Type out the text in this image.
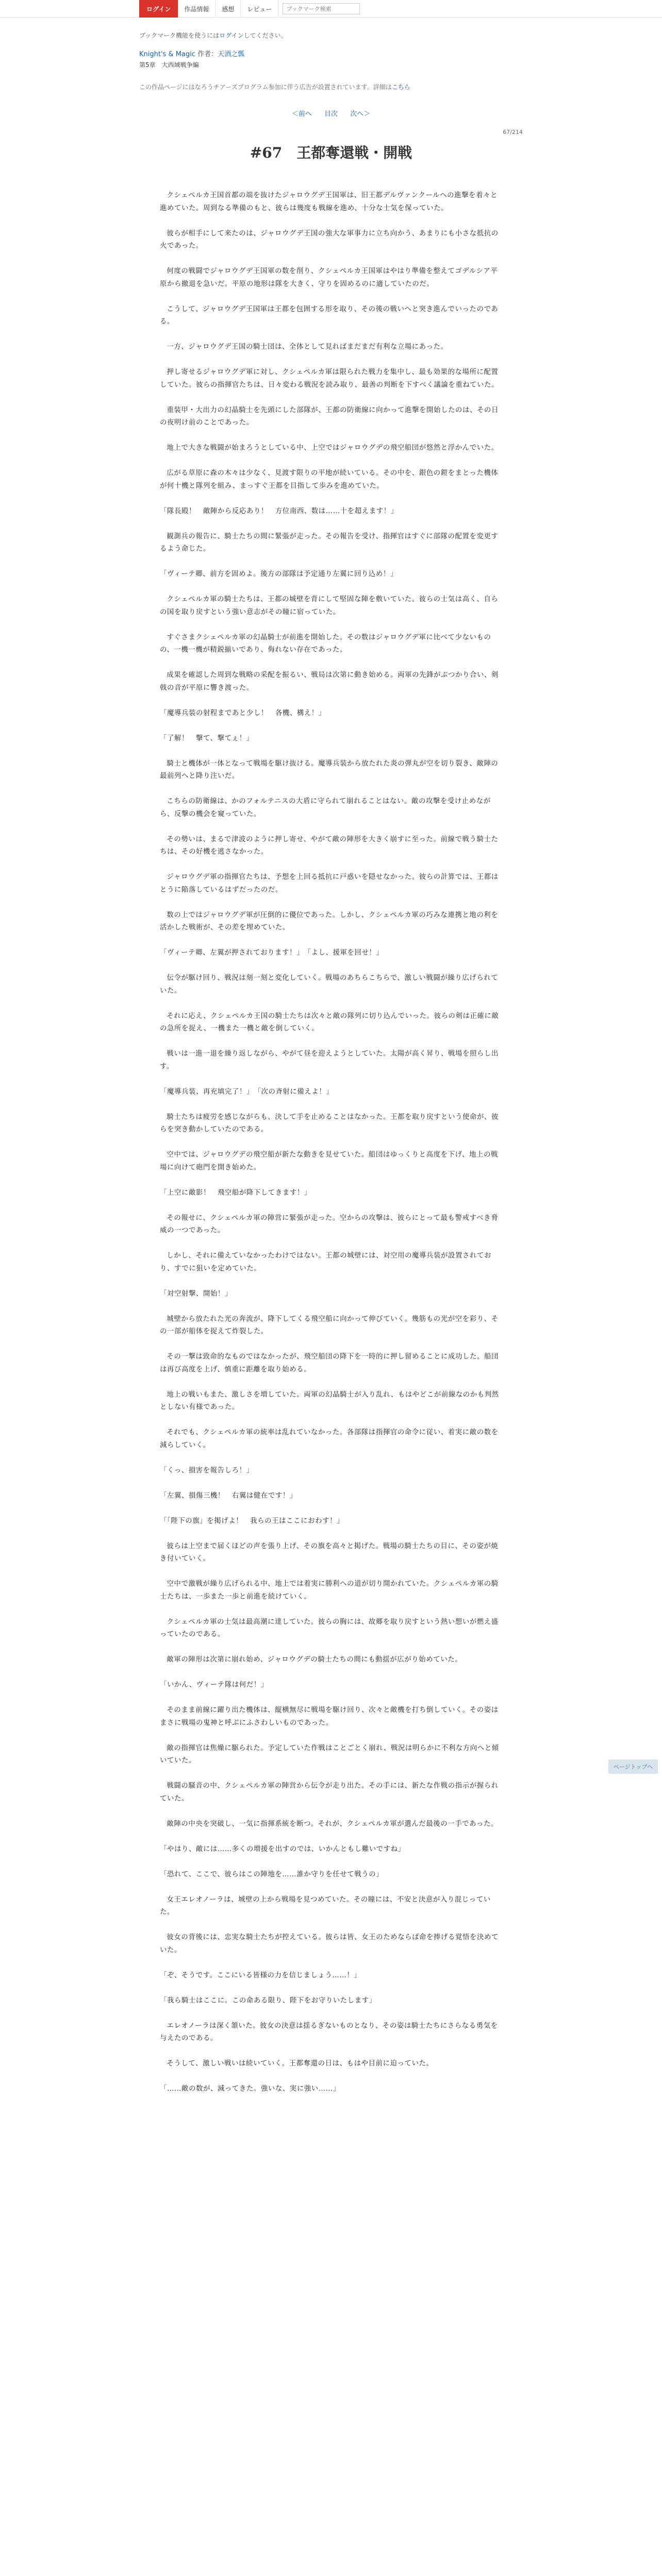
ログイン	作品情報	感想	レビュー
ブックマーク検索
ブックマーク機能を使うにはログインしてください。
Knight's & Magic 作者：天酒之瓢
第5章　大西域戦争編
この作品ページにはなろうチアーズプログラム参加に伴う広告が設置されています。詳細はこちら
＜前へ 目次 次へ＞
67/214
#67　王都奪還戦・開戦

クシェペルカ王国首都の端を抜けたジャロウグデ王国軍は、旧王都デルヴァンクールへの進撃を着々と進めていた。周到なる準備のもと、彼らは幾度も戦線を進め、十分な士気を保っていた。

彼らが相手にして来たのは、ジャロウグデ王国の強大な軍事力に立ち向かう、あまりにも小さな抵抗の火であった。

何度の戦闘でジャロウグデ王国軍の数を削り、クシェペルカ王国軍はやはり準備を整えてゴデルシア平原から撤退を急いだ。平原の地形は隊を大きく、守りを固めるのに適していたのだ。

こうして、ジャロウグデ王国軍は王都を包囲する形を取り、その後の戦いへと突き進んでいったのである。

一方、ジャロウグデ王国の騎士団は、全体として見ればまだまだ有利な立場にあった。

押し寄せるジャロウグデ軍に対し、クシェペルカ軍は限られた戦力を集中し、最も効果的な場所に配置していた。彼らの指揮官たちは、日々変わる戦況を読み取り、最善の判断を下すべく議論を重ねていた。

重装甲・大出力の幻晶騎士を先頭にした部隊が、王都の防衛線に向かって進撃を開始したのは、その日の夜明け前のことであった。

地上で大きな戦闘が始まろうとしている中、上空ではジャロウグデの飛空船団が悠然と浮かんでいた。

広がる草原に森の木々は少なく、見渡す限りの平地が続いている。その中を、銀色の鎧をまとった機体が何十機と隊列を組み、まっすぐ王都を目指して歩みを進めていた。

「隊長殿！　敵陣から反応あり！　方位南西、数は……十を超えます！」

観測兵の報告に、騎士たちの間に緊張が走った。その報告を受け、指揮官はすぐに部隊の配置を変更するよう命じた。

「ヴィーテ卿、前方を固めよ。後方の部隊は予定通り左翼に回り込め！」

クシェペルカ軍の騎士たちは、王都の城壁を背にして堅固な陣を敷いていた。彼らの士気は高く、自らの国を取り戻すという強い意志がその瞳に宿っていた。

すぐさまクシェペルカ軍の幻晶騎士が前進を開始した。その数はジャロウグデ軍に比べて少ないものの、一機一機が精鋭揃いであり、侮れない存在であった。

成果を確認した周到な戦略の采配を振るい、戦局は次第に動き始める。両軍の先鋒がぶつかり合い、剣戟の音が平原に響き渡った。

「魔導兵装の射程まであと少し！　各機、構え！」

「了解！　撃て、撃てぇ！」

騎士と機体が一体となって戦場を駆け抜ける。魔導兵装から放たれた炎の弾丸が空を切り裂き、敵陣の最前列へと降り注いだ。

こちらの防衛線は、かのフォルテニスの大盾に守られて崩れることはない。敵の攻撃を受け止めながら、反撃の機会を窺っていた。

その勢いは、まるで津波のように押し寄せ、やがて敵の陣形を大きく崩すに至った。前線で戦う騎士たちは、その好機を逃さなかった。

ジャロウグデ軍の指揮官たちは、予想を上回る抵抗に戸惑いを隠せなかった。彼らの計算では、王都はとうに陥落しているはずだったのだ。

数の上ではジャロウグデ軍が圧倒的に優位であった。しかし、クシェペルカ軍の巧みな連携と地の利を活かした戦術が、その差を埋めていた。

「ヴィーテ卿、左翼が押されております！」　「よし、援軍を回せ！」

伝令が駆け回り、戦況は刻一刻と変化していく。戦場のあちらこちらで、激しい戦闘が繰り広げられていた。

それに応え、クシェペルカ王国の騎士たちは次々と敵の隊列に切り込んでいった。彼らの剣は正確に敵の急所を捉え、一機また一機と敵を倒していく。

戦いは一進一退を繰り返しながら、やがて昼を迎えようとしていた。太陽が高く昇り、戦場を照らし出す。

「魔導兵装、再充填完了！」　「次の斉射に備えよ！」

騎士たちは疲労を感じながらも、決して手を止めることはなかった。王都を取り戻すという使命が、彼らを突き動かしていたのである。

空中では、ジャロウグデの飛空船が新たな動きを見せていた。船団はゆっくりと高度を下げ、地上の戦場に向けて砲門を開き始めた。

「上空に敵影！　飛空船が降下してきます！」

その報せに、クシェペルカ軍の陣営に緊張が走った。空からの攻撃は、彼らにとって最も警戒すべき脅威の一つであった。

しかし、それに備えていなかったわけではない。王都の城壁には、対空用の魔導兵装が設置されており、すでに狙いを定めていた。

「対空射撃、開始！」

城壁から放たれた光の奔流が、降下してくる飛空船に向かって伸びていく。幾筋もの光が空を彩り、その一部が船体を捉えて炸裂した。

その一撃は致命的なものではなかったが、飛空船団の降下を一時的に押し留めることに成功した。船団は再び高度を上げ、慎重に距離を取り始める。

地上の戦いもまた、激しさを増していた。両軍の幻晶騎士が入り乱れ、もはやどこが前線なのかも判然としない有様であった。

それでも、クシェペルカ軍の統率は乱れていなかった。各部隊は指揮官の命令に従い、着実に敵の数を減らしていく。

「くっ、損害を報告しろ！」

「左翼、損傷三機！　右翼は健在です！」

「「陛下の旗」を掲げよ！　我らの王はここにおわす！」

彼らは上空まで届くほどの声を張り上げ、その旗を高々と掲げた。戦場の騎士たちの目に、その姿が焼き付いていく。

空中で激戦が繰り広げられる中、地上では着実に勝利への道が切り開かれていた。クシェペルカ軍の騎士たちは、一歩また一歩と前進を続けていく。

クシェペルカ軍の士気は最高潮に達していた。彼らの胸には、故郷を取り戻すという熱い想いが燃え盛っていたのである。

敵軍の陣形は次第に崩れ始め、ジャロウグデの騎士たちの間にも動揺が広がり始めていた。

「いかん、ヴィーテ隊は何だ！」

そのまま前線に躍り出た機体は、縦横無尽に戦場を駆け回り、次々と敵機を打ち倒していく。その姿はまさに戦場の鬼神と呼ぶにふさわしいものであった。

敵の指揮官は焦燥に駆られた。予定していた作戦はことごとく崩れ、戦況は明らかに不利な方向へと傾いていた。

戦闘の騒音の中、クシェペルカ軍の陣営から伝令が走り出た。その手には、新たな作戦の指示が握られていた。

敵陣の中央を突破し、一気に指揮系統を断つ。それが、クシェペルカ軍が選んだ最後の一手であった。

「やはり、敵には……多くの増援を出すのでは、いかんともし難いですね」

「恐れて、ここで、彼らはこの陣地を……誰か守りを任せて戦うの」

女王エレオノーラは、城壁の上から戦場を見つめていた。その瞳には、不安と決意が入り混じっていた。

彼女の背後には、忠実な騎士たちが控えている。彼らは皆、女王のためならば命を捧げる覚悟を決めていた。

「ぞ、そうです。ここにいる皆様の力を信じましょう……！」

「我ら騎士はここに。この命ある限り、陛下をお守りいたします」

エレオノーラは深く頷いた。彼女の決意は揺るぎないものとなり、その姿は騎士たちにさらなる勇気を与えたのである。

そうして、激しい戦いは続いていく。王都奪還の日は、もはや目前に迫っていた。

「……敵の数が、減ってきた。強いな、実に強い……」

ページトップへ
